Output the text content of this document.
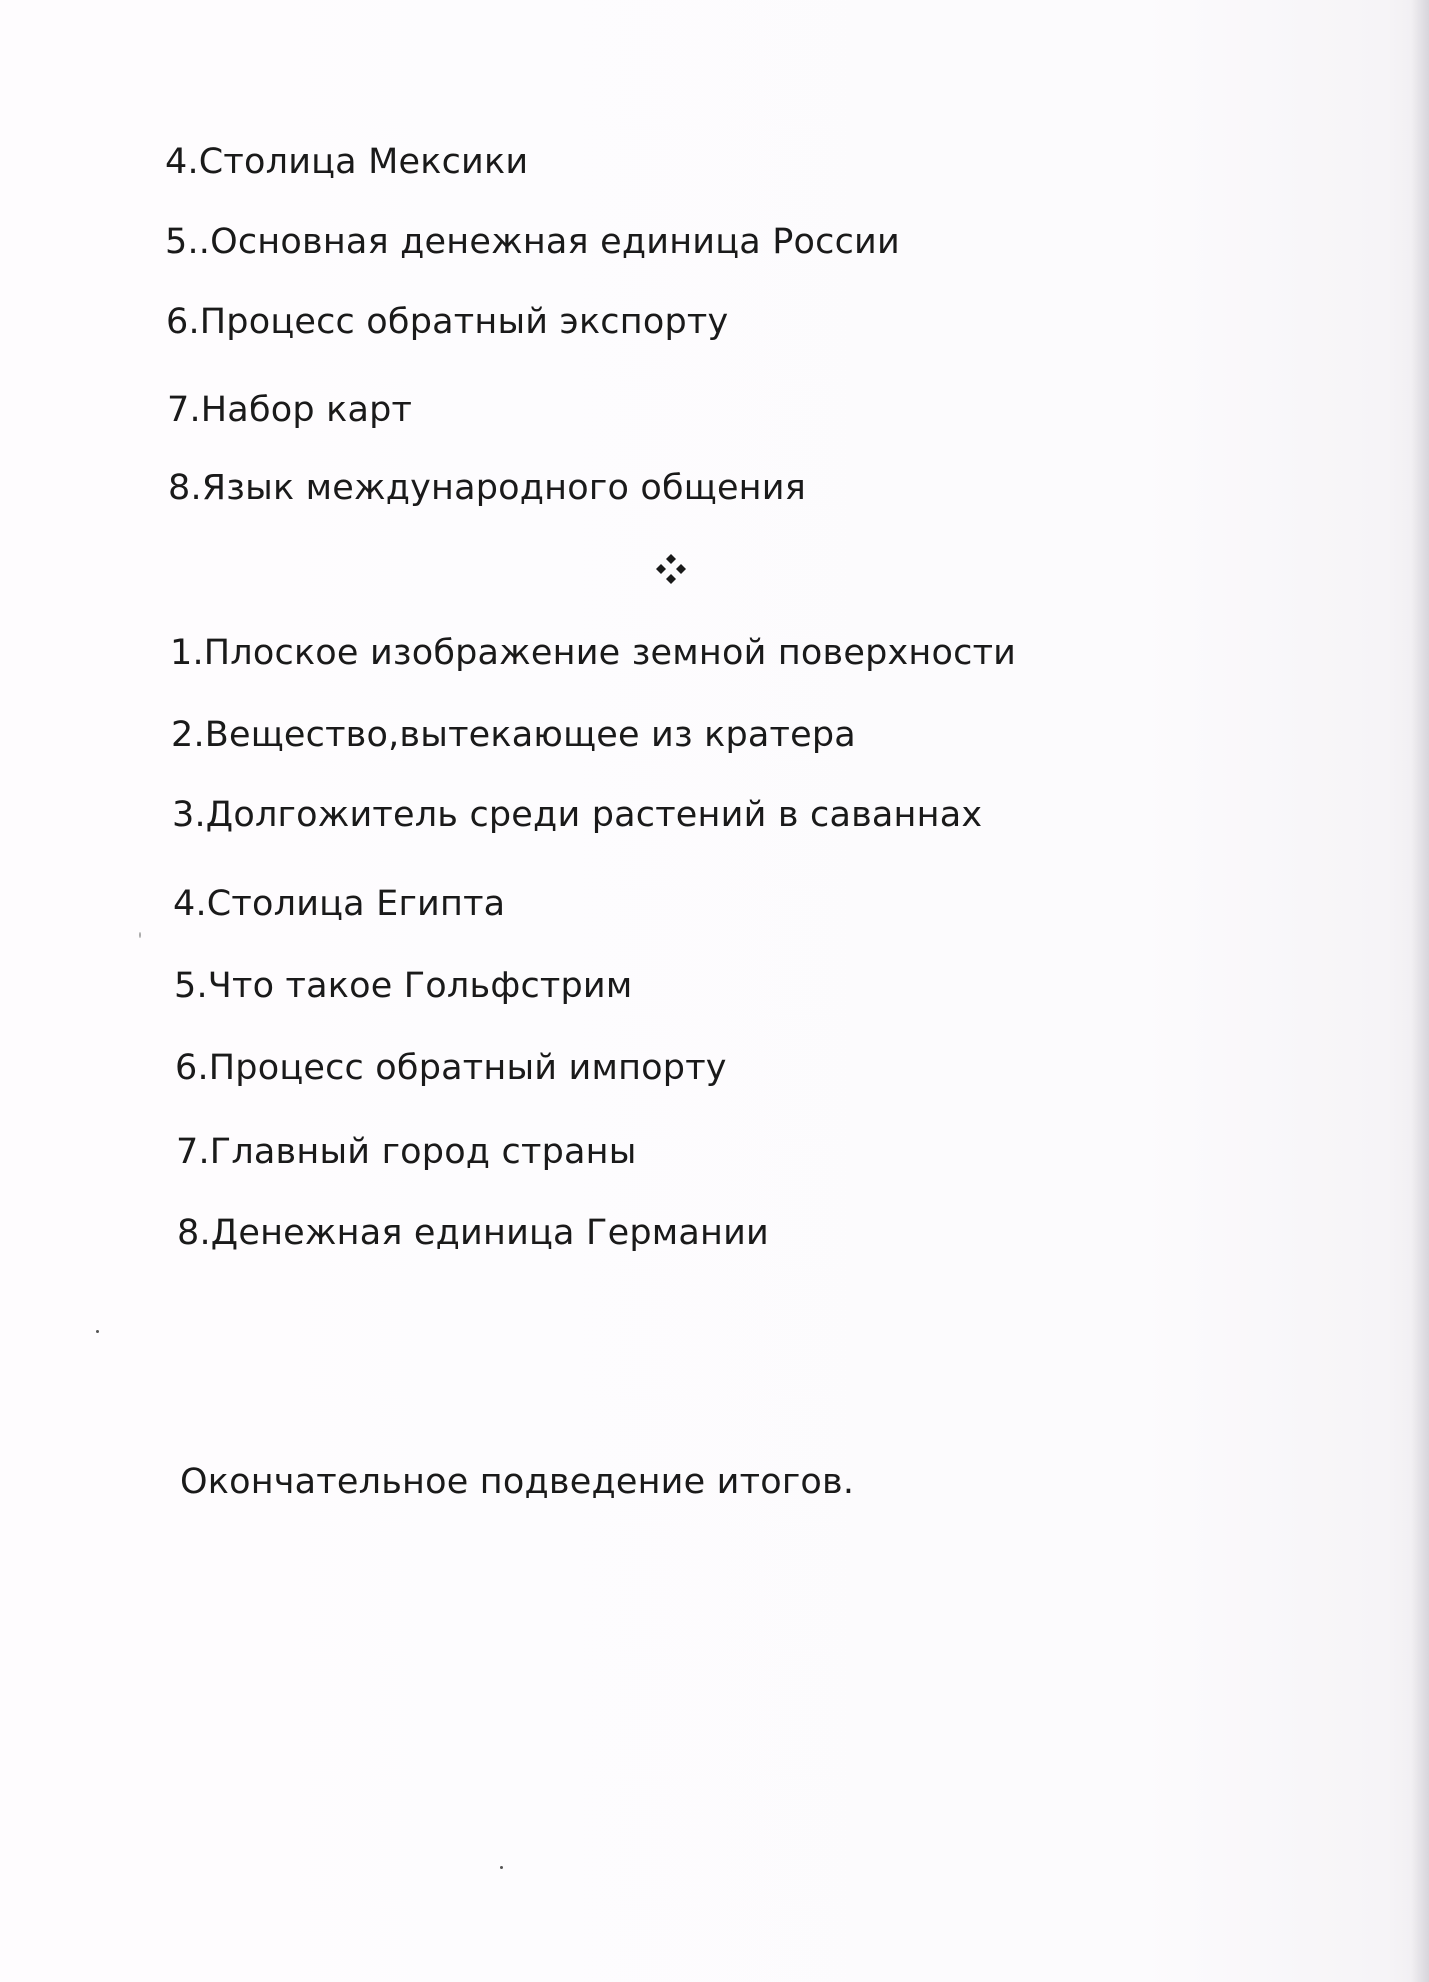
4.Столица Мексики

5..Основная денежная единица России

6.Процесс обратный экспорту

7.Набор карт

8.Язык международного общения

1.Плоское изображение земной поверхности

2.Вещество,вытекающее из кратера

3.Долгожитель среди растений в саваннах

4.Столица Египта

5.Что такое Гольфстрим

6.Процесс обратный импорту

7.Главный город страны

8.Денежная единица Германии

Окончательное подведение итогов.
